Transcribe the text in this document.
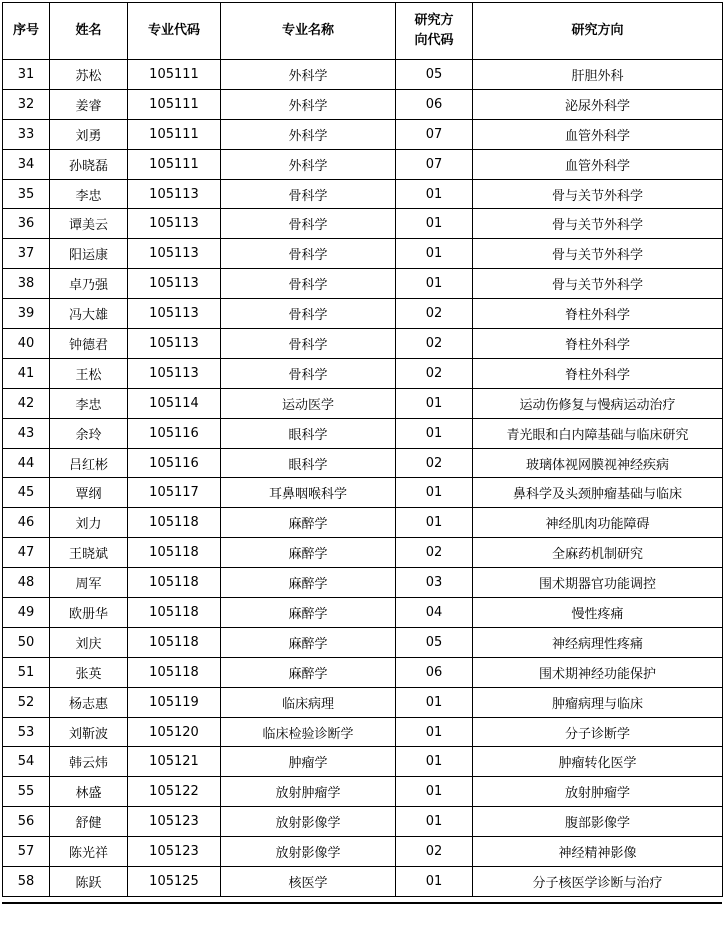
序号	姓名	专业代码	专业名称	研究方向代码	研究方向
31	苏松	105111	外科学	05	肝胆外科
32	姜睿	105111	外科学	06	泌尿外科学
33	刘勇	105111	外科学	07	血管外科学
34	孙晓磊	105111	外科学	07	血管外科学
35	李忠	105113	骨科学	01	骨与关节外科学
36	谭美云	105113	骨科学	01	骨与关节外科学
37	阳运康	105113	骨科学	01	骨与关节外科学
38	卓乃强	105113	骨科学	01	骨与关节外科学
39	冯大雄	105113	骨科学	02	脊柱外科学
40	钟德君	105113	骨科学	02	脊柱外科学
41	王松	105113	骨科学	02	脊柱外科学
42	李忠	105114	运动医学	01	运动伤修复与慢病运动治疗
43	余玲	105116	眼科学	01	青光眼和白内障基础与临床研究
44	吕红彬	105116	眼科学	02	玻璃体视网膜视神经疾病
45	覃纲	105117	耳鼻咽喉科学	01	鼻科学及头颈肿瘤基础与临床
46	刘力	105118	麻醉学	01	神经肌肉功能障碍
47	王晓斌	105118	麻醉学	02	全麻药机制研究
48	周军	105118	麻醉学	03	围术期器官功能调控
49	欧册华	105118	麻醉学	04	慢性疼痛
50	刘庆	105118	麻醉学	05	神经病理性疼痛
51	张英	105118	麻醉学	06	围术期神经功能保护
52	杨志惠	105119	临床病理	01	肿瘤病理与临床
53	刘靳波	105120	临床检验诊断学	01	分子诊断学
54	韩云炜	105121	肿瘤学	01	肿瘤转化医学
55	林盛	105122	放射肿瘤学	01	放射肿瘤学
56	舒健	105123	放射影像学	01	腹部影像学
57	陈光祥	105123	放射影像学	02	神经精神影像
58	陈跃	105125	核医学	01	分子核医学诊断与治疗
